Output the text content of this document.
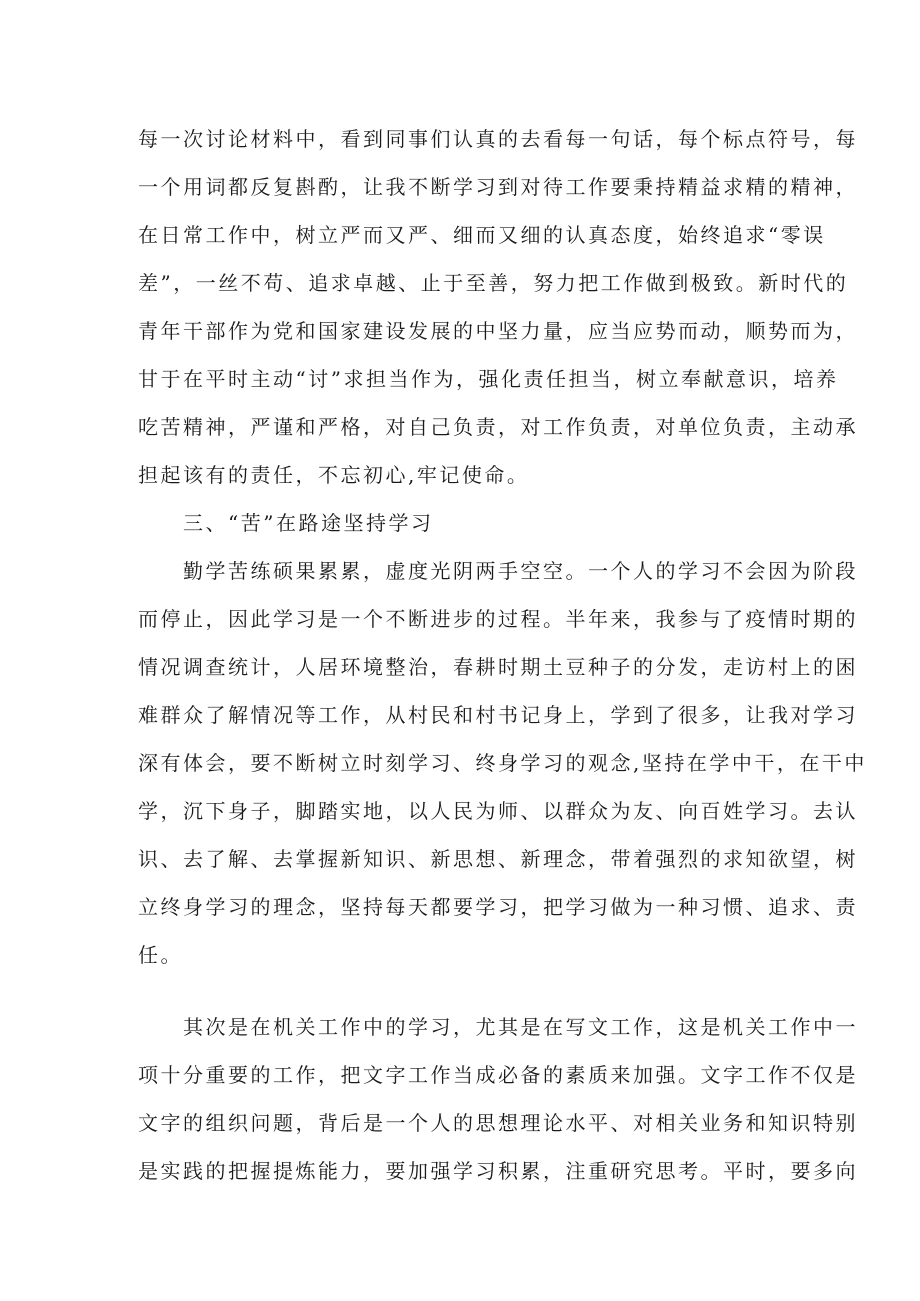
每一次讨论材料中，看到同事们认真的去看每一句话，每个标点符号，每
一个用词都反复斟酌，让我不断学习到对待工作要秉持精益求精的精神，
在日常工作中，树立严而又严、细而又细的认真态度，始终追求“零误
差”，一丝不苟、追求卓越、止于至善，努力把工作做到极致。新时代的
青年干部作为党和国家建设发展的中坚力量，应当应势而动，顺势而为，
甘于在平时主动“讨”求担当作为，强化责任担当，树立奉献意识，培养
吃苦精神，严谨和严格，对自己负责，对工作负责，对单位负责，主动承
担起该有的责任，不忘初心,牢记使命。
三、“苦”在路途坚持学习
勤学苦练硕果累累，虚度光阴两手空空。一个人的学习不会因为阶段
而停止，因此学习是一个不断进步的过程。半年来，我参与了疫情时期的
情况调查统计，人居环境整治，春耕时期土豆种子的分发，走访村上的困
难群众了解情况等工作，从村民和村书记身上，学到了很多，让我对学习
深有体会，要不断树立时刻学习、终身学习的观念,坚持在学中干，在干中
学，沉下身子，脚踏实地，以人民为师、以群众为友、向百姓学习。去认
识、去了解、去掌握新知识、新思想、新理念，带着强烈的求知欲望，树
立终身学习的理念，坚持每天都要学习，把学习做为一种习惯、追求、责
任。
其次是在机关工作中的学习，尤其是在写文工作，这是机关工作中一
项十分重要的工作，把文字工作当成必备的素质来加强。文字工作不仅是
文字的组织问题，背后是一个人的思想理论水平、对相关业务和知识特别
是实践的把握提炼能力，要加强学习积累，注重研究思考。平时，要多向
